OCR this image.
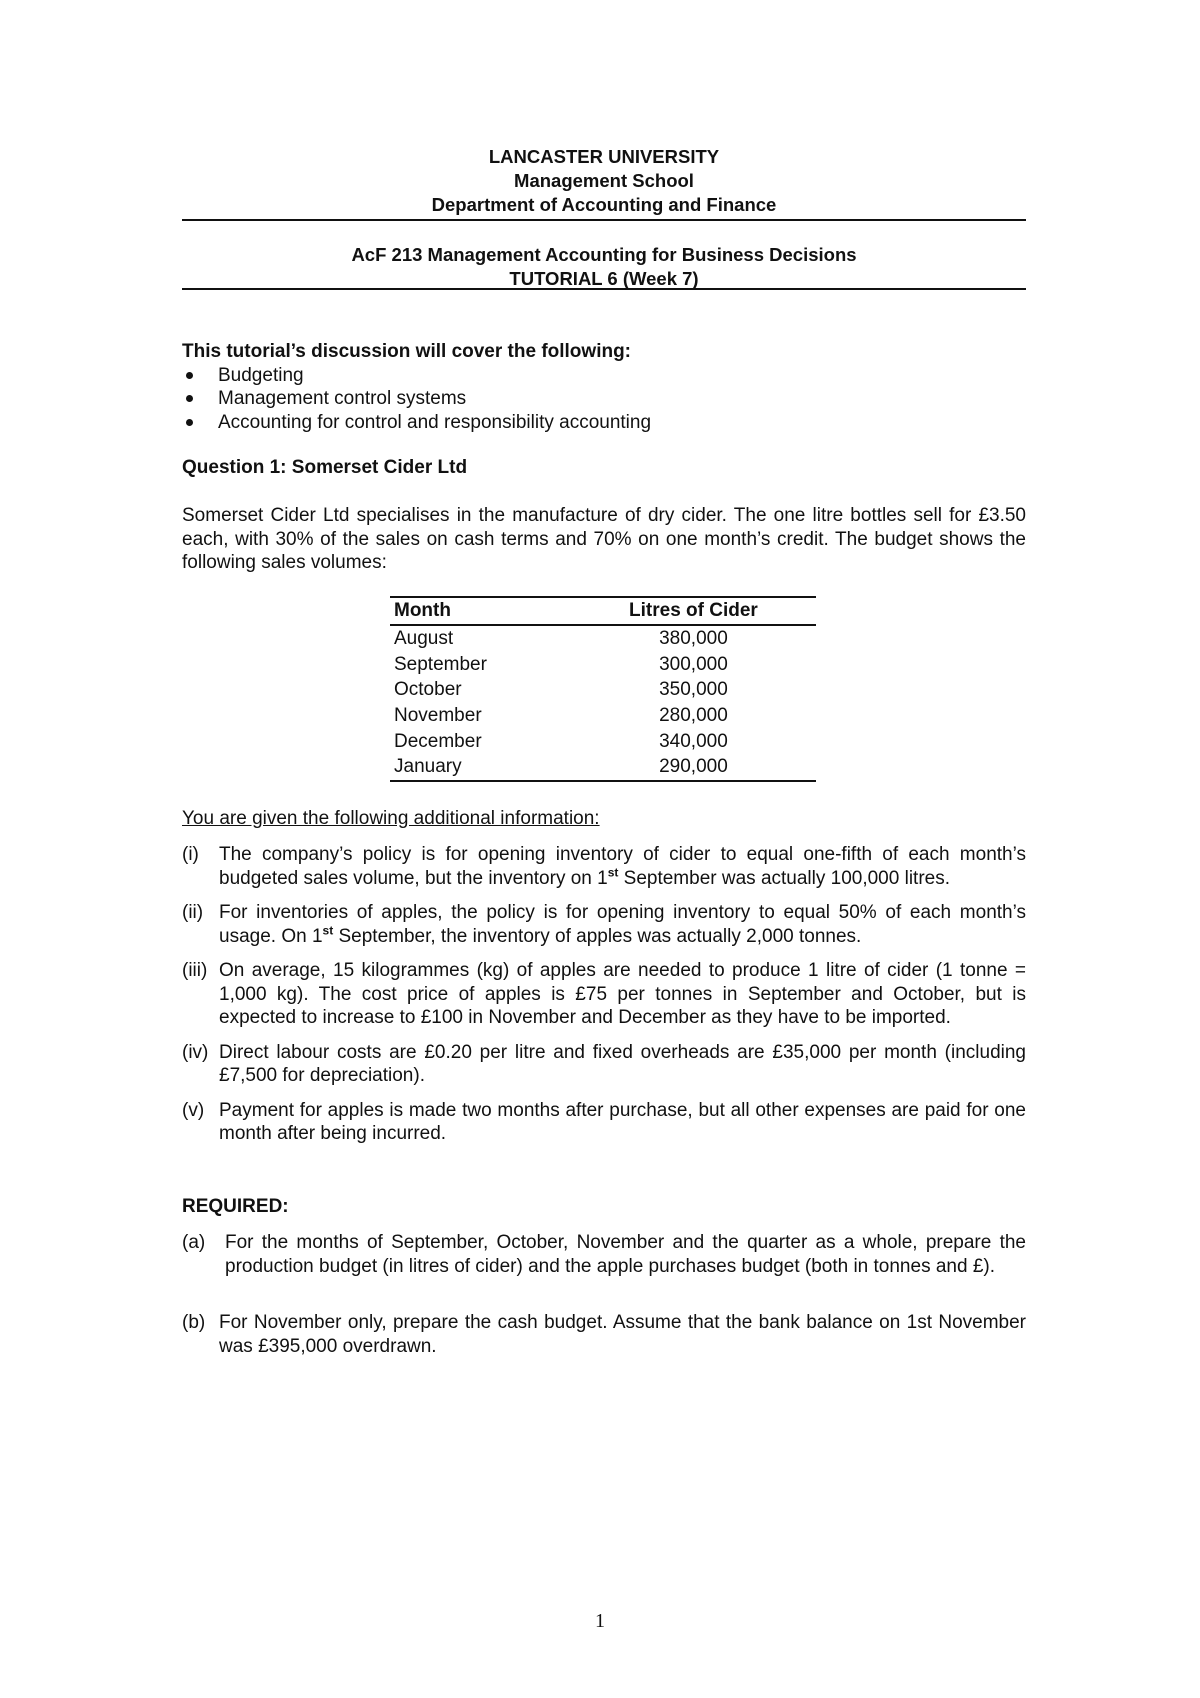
LANCASTER UNIVERSITY
Management School
Department of Accounting and Finance
AcF 213 Management Accounting for Business Decisions
TUTORIAL 6 (Week 7)
This tutorial’s discussion will cover the following:
Budgeting
Management control systems
Accounting for control and responsibility accounting
Question 1: Somerset Cider Ltd
Somerset Cider Ltd specialises in the manufacture of dry cider. The one litre bottles sell for £3.50 each, with 30% of the sales on cash terms and 70% on one month’s credit. The budget shows the following sales volumes:
Month	Litres of Cider
August	380,000
September	300,000
October	350,000
November	280,000
December	340,000
January	290,000
You are given the following additional information:
(i) The company’s policy is for opening inventory of cider to equal one-fifth of each month’s budgeted sales volume, but the inventory on 1st September was actually 100,000 litres.
(ii) For inventories of apples, the policy is for opening inventory to equal 50% of each month’s usage. On 1st September, the inventory of apples was actually 2,000 tonnes.
(iii) On average, 15 kilogrammes (kg) of apples are needed to produce 1 litre of cider (1 tonne = 1,000 kg). The cost price of apples is £75 per tonnes in September and October, but is expected to increase to £100 in November and December as they have to be imported.
(iv) Direct labour costs are £0.20 per litre and fixed overheads are £35,000 per month (including £7,500 for depreciation).
(v) Payment for apples is made two months after purchase, but all other expenses are paid for one month after being incurred.
REQUIRED:
(a) For the months of September, October, November and the quarter as a whole, prepare the production budget (in litres of cider) and the apple purchases budget (both in tonnes and £).
(b) For November only, prepare the cash budget. Assume that the bank balance on 1st November was £395,000 overdrawn.
1
